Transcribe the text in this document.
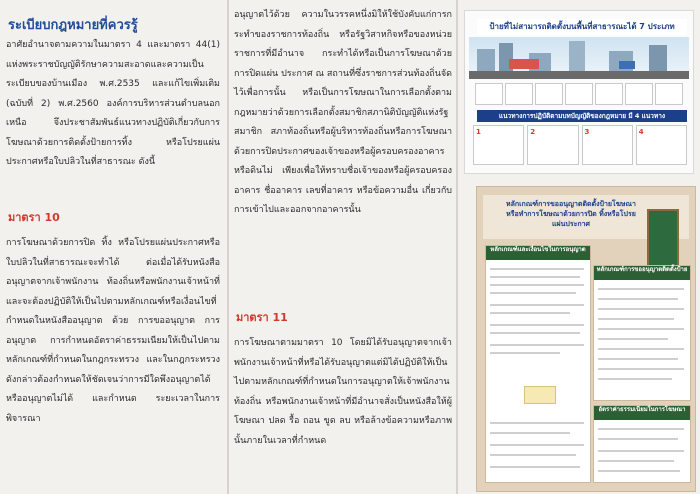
ระเบียบกฎหมายที่ควรรู้
อาศัยอำนาจตามความในมาตรา 4 และมาตรา 44(1) แห่งพระราชบัญญัติรักษาความสะอาดและความเป็นระเบียบของบ้านเมือง พ.ศ.2535 และแก้ไขเพิ่มเติม (ฉบับที่ 2) พ.ศ.2560 องค์การบริหารส่วนตำบลนอกเหนือ จึงประชาสัมพันธ์แนวทางปฏิบัติเกี่ยวกับการโฆษณาด้วยการติดตั้งป้ายการทิ้ง หรือโปรยแผ่นประกาศหรือใบปลิวในที่สาธารณะ ดังนี้
มาตรา 10
การโฆษณาด้วยการปิด ทิ้ง หรือโปรยแผ่นประกาศหรือใบปลิวในที่สาธารณะจะทำได้ ต่อเมื่อได้รับหนังสืออนุญาตจากเจ้าพนักงาน ท้องถิ่นหรือพนักงานเจ้าหน้าที่ และจะต้องปฏิบัติให้เป็นไปตามหลักเกณฑ์หรือเงื่อนไขที่กำหนดในหนังสืออนุญาต ด้วย การขออนุญาต การอนุญาต การกำหนดอัตราค่าธรรมเนียมให้เป็นไปตามหลักเกณฑ์ที่กำหนดในกฎกระทรวง และในกฎกระทรวงดังกล่าวต้องกำหนดให้ชัดเจนว่าการมีใดพึงอนุญาตได้หรืออนุญาตไม่ได้ และกำหนด ระยะเวลาในการพิจารณา
อนุญาตไว้ด้วย ความในวรรคหนึ่งมิให้ใช้บังคับแก่การกระทำของราชการท้องถิ่น หรือรัฐวิสาหกิจหรือของหน่วยราชการที่มีอำนาจ กระทำได้หรือเป็นการโฆษณาด้วยการปิดแผ่น ประกาศ ณ สถานที่ซึ่งราชการส่วนท้องถิ่นจัดไว้เพื่อการนั้น หรือเป็นการโฆษณาในการเลือกตั้งตามกฎหมายว่าด้วยการเลือกตั้งสมาชิกสภานิติบัญญัติแห่งรัฐ สมาชิก สภาท้องถิ่นหรือผู้บริหารท้องถิ่นหรือการโฆษณาด้วยการปิดประกาศของเจ้าของหรือผู้ครอบครองอาคารหรือดินไม่ เพียงเพื่อให้ทราบชื่อเจ้าของหรือผู้ครอบครอง อาคาร ชื่ออาคาร เลขที่อาคาร หรือข้อความอื่น เกี่ยวกับการเข้าไปและออกจากอาคารนั้น
มาตรา 11
การโฆษณาตามมาตรา 10 โดยมิได้รับอนุญาตจากเจ้าพนักงานเจ้าหน้าที่หรือได้รับอนุญาตแต่มิได้ปฏิบัติให้เป็นไปตามหลักเกณฑ์ที่กำหนดในการอนุญาตให้เจ้าพนักงานท้องถิ่น หรือพนักงานเจ้าหน้าที่มีอำนาจสั่งเป็นหนังสือให้ผู้โฆษณา ปลด รื้อ ถอน ขูด ลบ หรือล้างข้อความหรือภาพนั้นภายในเวลาที่กำหนด
ป้ายที่ไม่สามารถติดตั้งบนพื้นที่สาธารณะได้ 7 ประเภท
แนวทางการปฏิบัติตามบทบัญญัติของกฎหมาย มี 4 แนวทาง
1	2	3	4
หลักเกณฑ์การขออนุญาตติดตั้งป้ายโฆษณาหรือทำการโฆษณาด้วยการปิด ทิ้งหรือโปรยแผ่นประกาศ
หลักเกณฑ์และเงื่อนไขในการอนุญาต
หลักเกณฑ์การขออนุญาตติดตั้งป้าย
อัตราค่าธรรมเนียมในการโฆษณา
